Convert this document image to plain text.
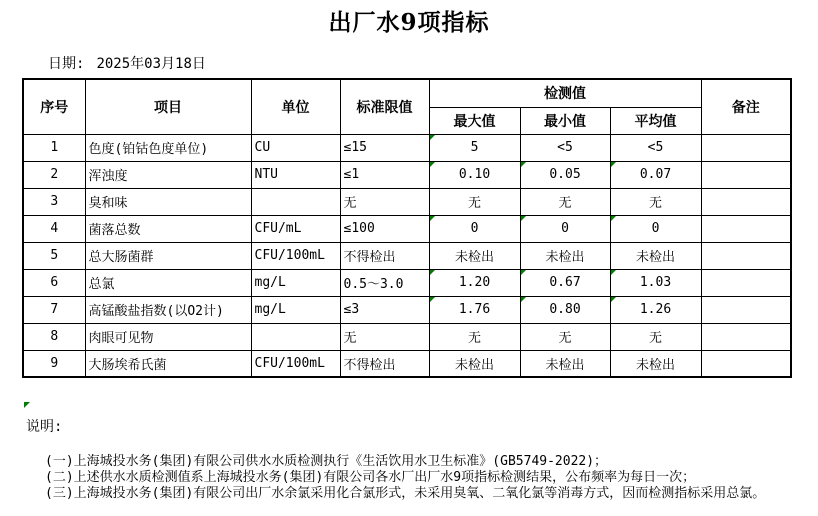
出厂水9项指标
日期: 2025年03月18日
序号	项目	单位	标准限值	检测值			备注
				最大值	最小值	平均值	
1	色度(铂钴色度单位)	CU	≤15	5	<5	<5	
2	浑浊度	NTU	≤1	0.10	0.05	0.07	
3	臭和味		无	无	无	无	
4	菌落总数	CFU/mL	≤100	0	0	0	
5	总大肠菌群	CFU/100mL	不得检出	未检出	未检出	未检出	
6	总氯	mg/L	0.5～3.0	1.20	0.67	1.03	
7	高锰酸盐指数(以O2计)	mg/L	≤3	1.76	0.80	1.26	
8	肉眼可见物		无	无	无	无	
9	大肠埃希氏菌	CFU/100mL	不得检出	未检出	未检出	未检出	
说明:
(一)上海城投水务(集团)有限公司供水水质检测执行《生活饮用水卫生标准》(GB5749-2022)；
(二)上述供水水质检测值系上海城投水务(集团)有限公司各水厂出厂水9项指标检测结果，公布频率为每日一次；
(三)上海城投水务(集团)有限公司出厂水余氯采用化合氯形式，未采用臭氧、二氧化氯等消毒方式，因而检测指标采用总氯。
